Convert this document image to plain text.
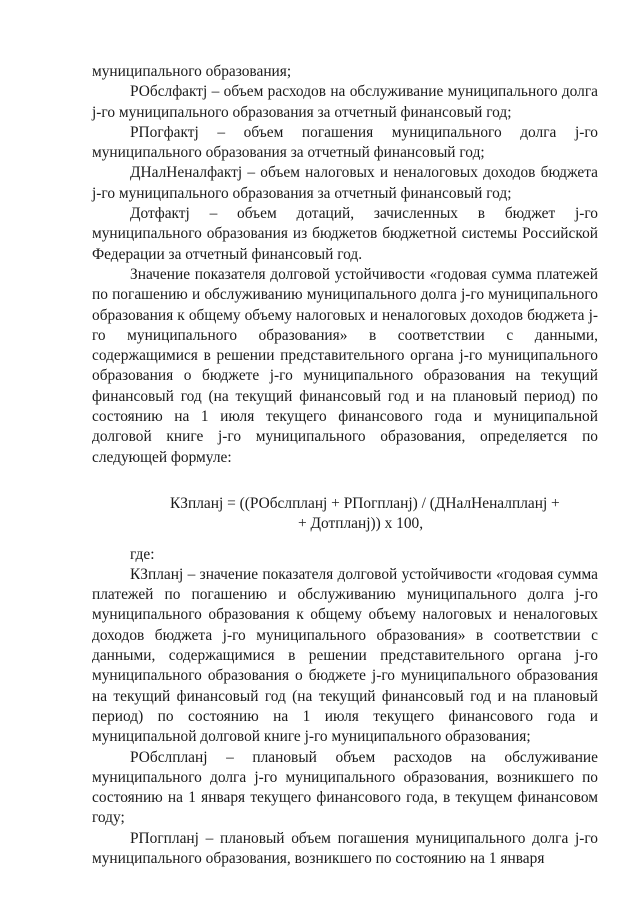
муниципального образования;

РОбслфактj – объем расходов на обслуживание муниципального долга j-го муниципального образования за отчетный финансовый год;

РПогфактj – объем погашения муниципального долга j-го муниципального образования за отчетный финансовый год;

ДНалНеналфактj – объем налоговых и неналоговых доходов бюджета j-го муниципального образования за отчетный финансовый год;

Дотфактj – объем дотаций, зачисленных в бюджет j-го муниципального образования из бюджетов бюджетной системы Российской Федерации за отчетный финансовый год.

Значение показателя долговой устойчивости «годовая сумма платежей по погашению и обслуживанию муниципального долга j-го муниципального образования к общему объему налоговых и неналоговых доходов бюджета j-го муниципального образования» в соответствии с данными, содержащимися в решении представительного органа j-го муниципального образования о бюджете j-го муниципального образования на текущий финансовый год (на текущий финансовый год и на плановый период) по состоянию на 1 июля текущего финансового года и муниципальной долговой книге j-го муниципального образования, определяется по следующей формуле:

КЗпланj = ((РОбслпланj + РПогпланj) / (ДНалНеналпланj +
+ Дотпланj)) x 100,

где:

КЗпланj – значение показателя долговой устойчивости «годовая сумма платежей по погашению и обслуживанию муниципального долга j-го муниципального образования к общему объему налоговых и неналоговых доходов бюджета j-го муниципального образования» в соответствии с данными, содержащимися в решении представительного органа j-го муниципального образования о бюджете j-го муниципального образования на текущий финансовый год (на текущий финансовый год и на плановый период) по состоянию на 1 июля текущего финансового года и муниципальной долговой книге j-го муниципального образования;

РОбслпланj – плановый объем расходов на обслуживание муниципального долга j-го муниципального образования, возникшего по состоянию на 1 января текущего финансового года, в текущем финансовом году;

РПогпланj – плановый объем погашения муниципального долга j-го муниципального образования, возникшего по состоянию на 1 января
